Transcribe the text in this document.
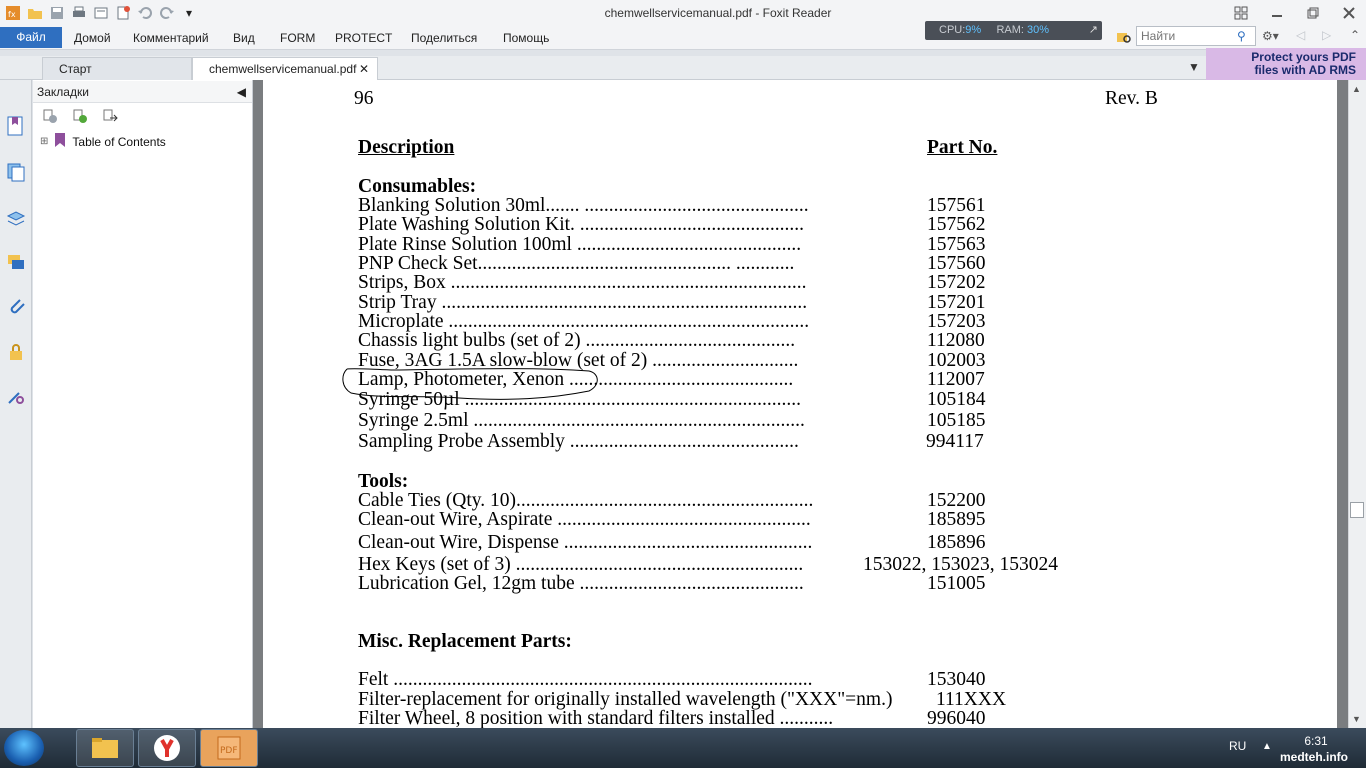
fx	▾	chemwellservicemanual.pdf - Foxit Reader
Файл	Домой Комментарий Вид FORM PROTECT Поделиться Помощь
CPU:9% RAM: 30%	↗
Найти	⚲ ⚙▾ ◁ ▷ ⌃
Старт	chemwellservicemanual.pdf ✕	▼
Protect yours PDF
files with AD RMS
Закладки	◀
⊞ Table of Contents
96	Rev. B
Description	Part No.
Consumables:
Blanking Solution 30ml....... ..............................................	157561
Plate Washing Solution Kit. ..............................................	157562
Plate Rinse Solution 100ml ..............................................	157563
PNP Check Set.................................................... ............	157560
Strips, Box .........................................................................	157202
Strip Tray ...........................................................................	157201
Microplate ..........................................................................	157203
Chassis light bulbs (set of 2) ...........................................	112080
Fuse, 3AG 1.5A slow-blow (set of 2) ..............................	102003
Lamp, Photometer, Xenon ..............................................	112007
Syringe 50µl .....................................................................	105184
Syringe 2.5ml ....................................................................	105185
Sampling Probe Assembly ...............................................	994117
Tools:
Cable Ties (Qty. 10).............................................................	152200
Clean-out Wire, Aspirate ....................................................	185895
Clean-out Wire, Dispense ...................................................	185896
Hex Keys (set of 3) ...........................................................	153022, 153023, 153024
Lubrication Gel, 12gm tube ..............................................	151005
Misc. Replacement Parts:
Felt ......................................................................................	153040
Filter-replacement for originally installed wavelength ("XXX"=nm.) 111XXX
Filter Wheel, 8 position with standard filters installed ...........	996040
▲
▼
PDF	RU ▲	6:31
medteh.info
